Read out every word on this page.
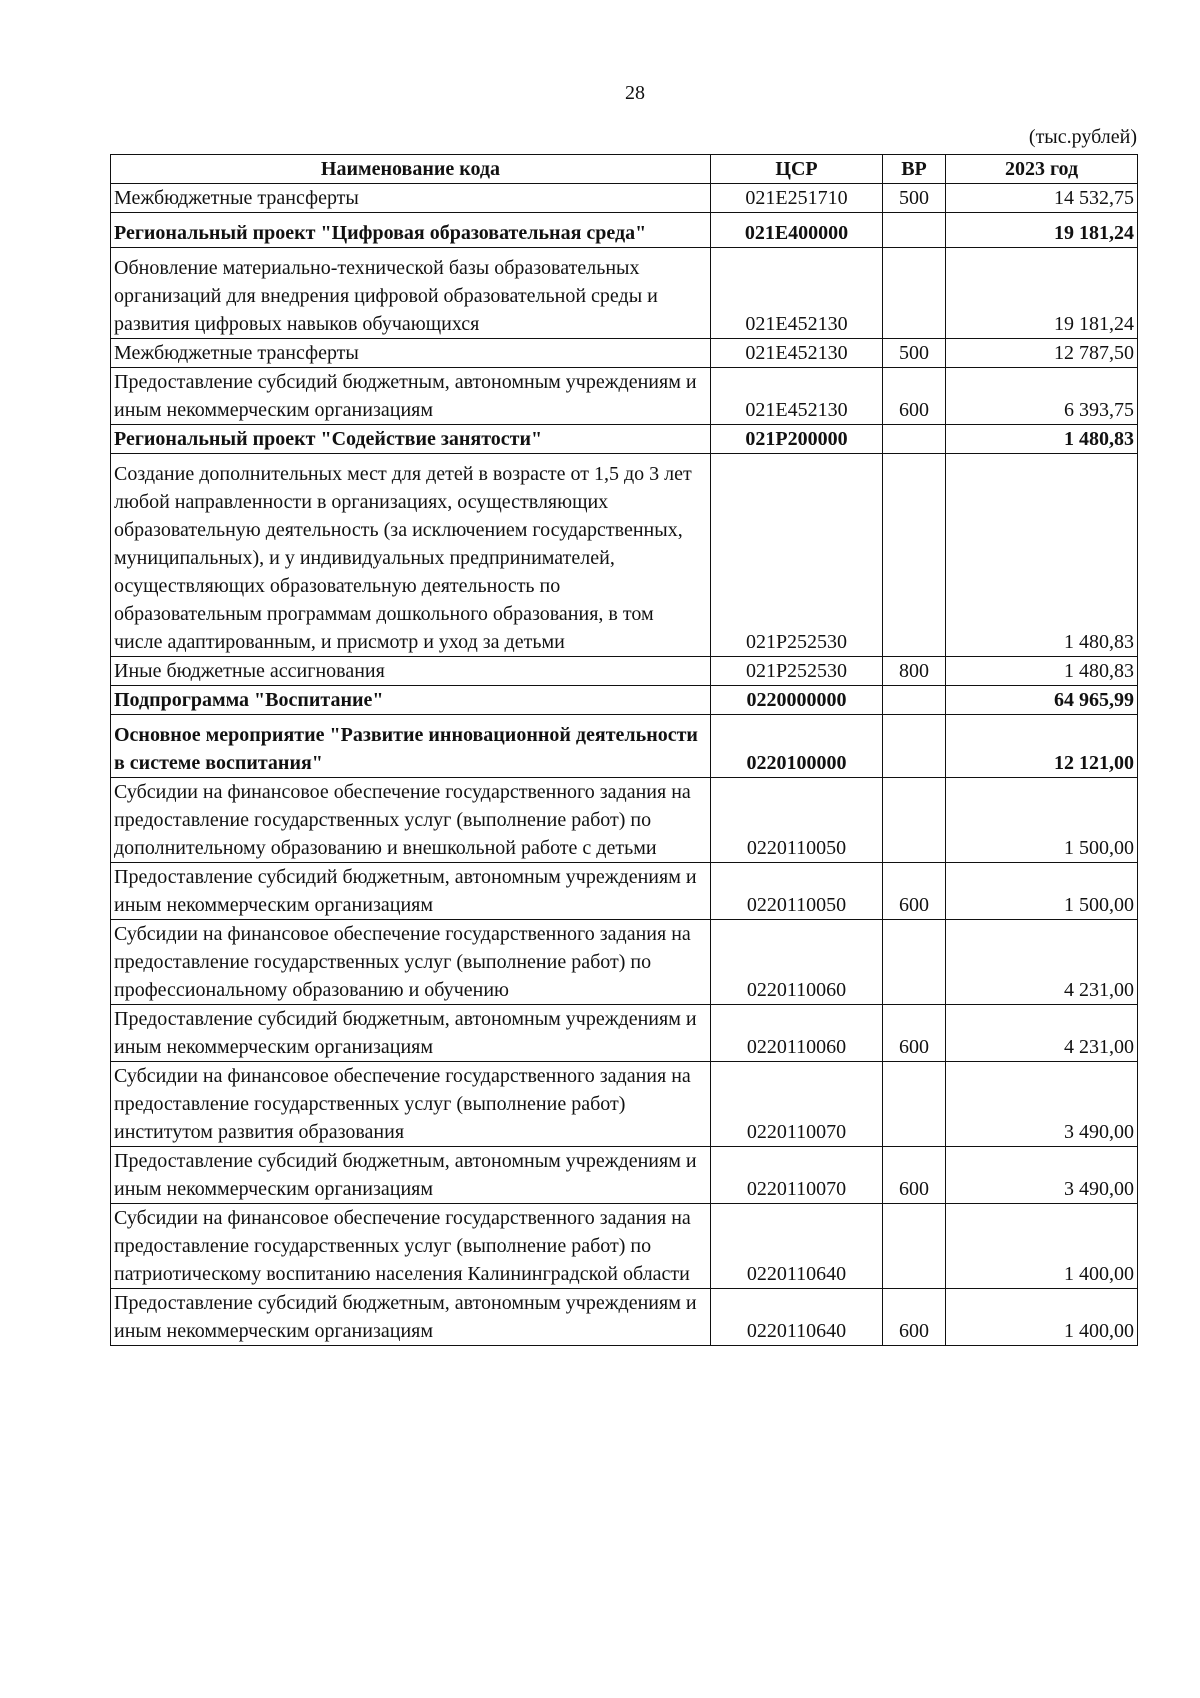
28
(тыс.рублей)
Наименование кода	ЦСР	ВР	2023 год
Межбюджетные трансферты	021E251710	500	14 532,75
Региональный проект "Цифровая образовательная среда"	021E400000		19 181,24
Обновление материально-технической базы образовательных организаций для внедрения цифровой образовательной среды и развития цифровых навыков обучающихся	021E452130		19 181,24
Межбюджетные трансферты	021E452130	500	12 787,50
Предоставление субсидий бюджетным, автономным учреждениям и иным некоммерческим организациям	021E452130	600	6 393,75
Региональный проект "Содействие занятости"	021P200000		1 480,83
Создание дополнительных мест для детей в возрасте от 1,5 до 3 лет любой направленности в организациях, осуществляющих образовательную деятельность (за исключением государственных, муниципальных), и у индивидуальных предпринимателей, осуществляющих образовательную деятельность по образовательным программам дошкольного образования, в том числе адаптированным, и присмотр и уход за детьми	021P252530		1 480,83
Иные бюджетные ассигнования	021P252530	800	1 480,83
Подпрограмма "Воспитание"	0220000000		64 965,99
Основное мероприятие "Развитие инновационной деятельности в системе воспитания"	0220100000		12 121,00
Субсидии на финансовое обеспечение государственного задания на предоставление государственных услуг (выполнение работ) по дополнительному образованию и внешкольной работе с детьми	0220110050		1 500,00
Предоставление субсидий бюджетным, автономным учреждениям и иным некоммерческим организациям	0220110050	600	1 500,00
Субсидии на финансовое обеспечение государственного задания на предоставление государственных услуг (выполнение работ) по профессиональному образованию и обучению	0220110060		4 231,00
Предоставление субсидий бюджетным, автономным учреждениям и иным некоммерческим организациям	0220110060	600	4 231,00
Субсидии на финансовое обеспечение государственного задания на предоставление государственных услуг (выполнение работ) институтом развития образования	0220110070		3 490,00
Предоставление субсидий бюджетным, автономным учреждениям и иным некоммерческим организациям	0220110070	600	3 490,00
Субсидии на финансовое обеспечение государственного задания на предоставление государственных услуг (выполнение работ) по патриотическому воспитанию населения Калининградской области	0220110640		1 400,00
Предоставление субсидий бюджетным, автономным учреждениям и иным некоммерческим организациям	0220110640	600	1 400,00
